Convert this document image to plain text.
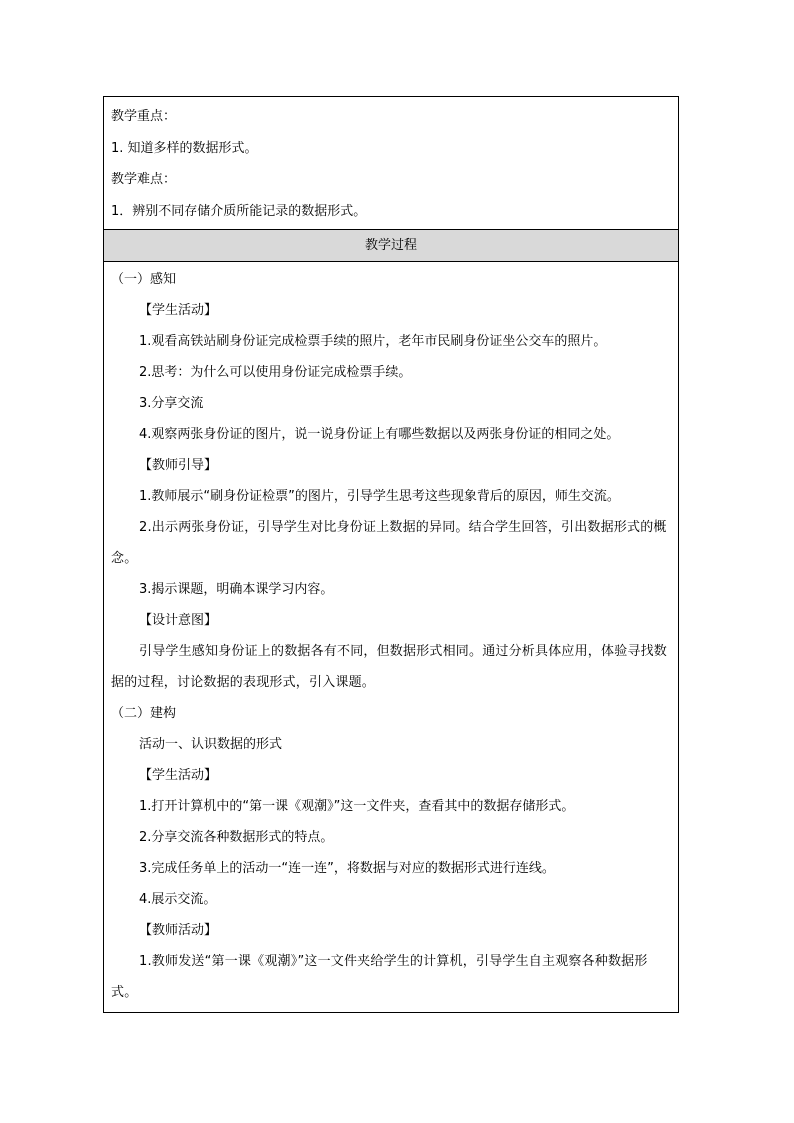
教学重点：
1. 知道多样的数据形式。
教学难点：
1．辨别不同存储介质所能记录的数据形式。
教学过程
（一）感知
【学生活动】
1.观看高铁站刷身份证完成检票手续的照片，老年市民刷身份证坐公交车的照片。
2.思考：为什么可以使用身份证完成检票手续。
3.分享交流
4.观察两张身份证的图片，说一说身份证上有哪些数据以及两张身份证的相同之处。
【教师引导】
1.教师展示“刷身份证检票”的图片，引导学生思考这些现象背后的原因，师生交流。
2.出示两张身份证，引导学生对比身份证上数据的异同。结合学生回答，引出数据形式的概念。
3.揭示课题，明确本课学习内容。
【设计意图】
引导学生感知身份证上的数据各有不同，但数据形式相同。通过分析具体应用，体验寻找数据的过程，讨论数据的表现形式，引入课题。
（二）建构
活动一、认识数据的形式
【学生活动】
1.打开计算机中的“第一课《观潮》”这一文件夹，查看其中的数据存储形式。
2.分享交流各种数据形式的特点。
3.完成任务单上的活动一“连一连”，将数据与对应的数据形式进行连线。
4.展示交流。
【教师活动】
1.教师发送“第一课《观潮》”这一文件夹给学生的计算机，引导学生自主观察各种数据形式。
